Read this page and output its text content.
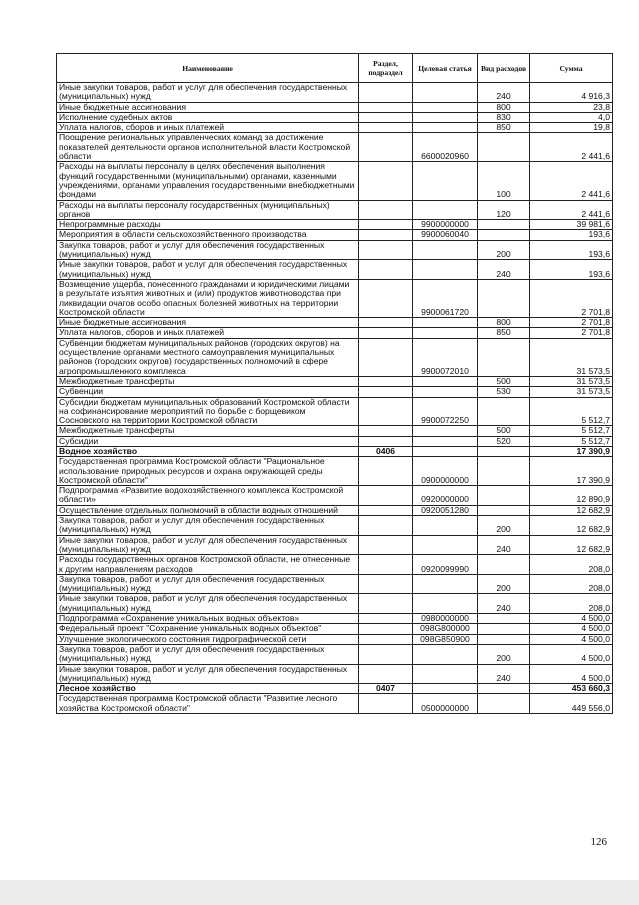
Наименование	Раздел, подраздел	Целевая статья	Вид расходов	Сумма
Иные закупки товаров, работ и услуг для обеспечения государственных (муниципальных) нужд			240	4 916,3
Иные бюджетные ассигнования			800	23,8
Исполнение судебных актов			830	4,0
Уплата налогов, сборов и иных платежей			850	19,8
Поощрение региональных управленческих команд за достижение показателей деятельности органов исполнительной власти Костромской области		6600020960		2 441,6
Расходы на выплаты персоналу в целях обеспечения выполнения функций государственными (муниципальными) органами, казенными учреждениями, органами управления государственными внебюджетными фондами			100	2 441,6
Расходы на выплаты персоналу государственных (муниципальных) органов			120	2 441,6
Непрограммные расходы		9900000000		39 981,6
Мероприятия в области сельскохозяйственного производства		9900060040		193,6
Закупка товаров, работ и услуг для обеспечения государственных (муниципальных) нужд			200	193,6
Иные закупки товаров, работ и услуг для обеспечения государственных (муниципальных) нужд			240	193,6
Возмещение ущерба, понесенного гражданами и юридическими лицами в результате изъятия животных и (или) продуктов животноводства при ликвидации очагов особо опасных болезней животных на территории Костромской области		9900061720		2 701,8
Иные бюджетные ассигнования			800	2 701,8
Уплата налогов, сборов и иных платежей			850	2 701,8
Субвенции бюджетам муниципальных районов (городских округов) на осуществление органами местного самоуправления муниципальных районов (городских округов) государственных полномочий в сфере агропромышленного комплекса		9900072010		31 573,5
Межбюджетные трансферты			500	31 573,5
Субвенции			530	31 573,5
Субсидии бюджетам муниципальных образований Костромской области на софинансирование мероприятий по борьбе с борщевиком Сосновского на территории Костромской области		9900072250		5 512,7
Межбюджетные трансферты			500	5 512,7
Субсидии			520	5 512,7
Водное хозяйство	0406			17 390,9
Государственная программа Костромской области "Рациональное использование природных ресурсов и охрана окружающей среды Костромской области"		0900000000		17 390,9
Подпрограмма «Развитие водохозяйственного комплекса Костромской области»		0920000000		12 890,9
Осуществление отдельных полномочий в области водных отношений		0920051280		12 682,9
Закупка товаров, работ и услуг для обеспечения государственных (муниципальных) нужд			200	12 682,9
Иные закупки товаров, работ и услуг для обеспечения государственных (муниципальных) нужд			240	12 682,9
Расходы государственных органов Костромской области, не отнесенные к другим направлениям расходов		0920099990		208,0
Закупка товаров, работ и услуг для обеспечения государственных (муниципальных) нужд			200	208,0
Иные закупки товаров, работ и услуг для обеспечения государственных (муниципальных) нужд			240	208,0
Подпрограмма «Сохранение уникальных водных объектов»		0980000000		4 500,0
Федеральный проект "Сохранение уникальных водных объектов"		098G800000		4 500,0
Улучшение экологического состояния гидрографической сети		098G850900		4 500,0
Закупка товаров, работ и услуг для обеспечения государственных (муниципальных) нужд			200	4 500,0
Иные закупки товаров, работ и услуг для обеспечения государственных (муниципальных) нужд			240	4 500,0
Лесное хозяйство	0407			453 660,3
Государственная программа Костромской области "Развитие лесного хозяйства Костромской области"		0500000000		449 556,0
126
